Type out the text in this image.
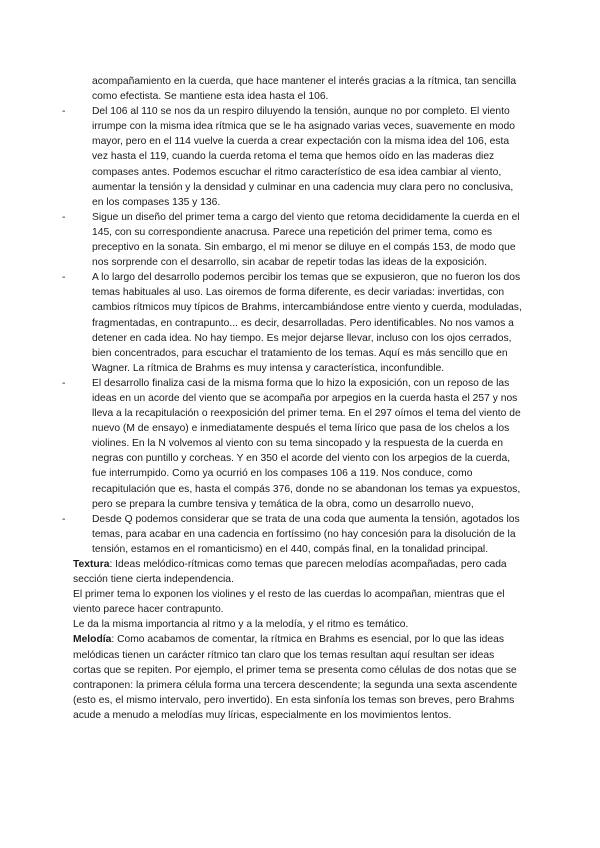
acompañamiento en la cuerda, que hace mantener el interés gracias a la rítmica, tan sencilla como efectista. Se mantiene esta idea hasta el 106.

-	Del 106 al 110 se nos da un respiro diluyendo la tensión, aunque no por completo. El viento irrumpe con la misma idea rítmica que se le ha asignado varias veces, suavemente en modo mayor, pero en el 114 vuelve la cuerda a crear expectación con la misma idea del 106, esta vez hasta el 119, cuando la cuerda retoma el tema que hemos oído en las maderas diez compases antes. Podemos escuchar el ritmo característico de esa idea cambiar al viento, aumentar la tensión y la densidad y culminar en una cadencia muy clara pero no conclusiva, en los compases 135 y 136.
-	Sigue un diseño del primer tema a cargo del viento que retoma decididamente la cuerda en el 145, con su correspondiente anacrusa. Parece una repetición del primer tema, como es preceptivo en la sonata. Sin embargo, el mi menor se diluye en el compás 153, de modo que nos sorprende con el desarrollo, sin acabar de repetir todas las ideas de la exposición.
-	A lo largo del desarrollo podemos percibir los temas que se expusieron, que no fueron los dos temas habituales al uso. Las oiremos de forma diferente, es decir variadas: invertidas, con cambios rítmicos muy típicos de Brahms, intercambiándose entre viento y cuerda, moduladas, fragmentadas, en contrapunto... es decir, desarrolladas. Pero identificables. No nos vamos a detener en cada idea. No hay tiempo. Es mejor dejarse llevar, incluso con los ojos cerrados, bien concentrados, para escuchar el tratamiento de los temas. Aquí es más sencillo que en Wagner. La rítmica de Brahms es muy intensa y característica, inconfundible.
-	El desarrollo finaliza casi de la misma forma que lo hizo la exposición, con un reposo de las ideas en un acorde del viento que se acompaña por arpegios en la cuerda hasta el 257 y nos lleva a la recapitulación o reexposición del primer tema. En el 297 oímos el tema del viento de nuevo (M de ensayo) e inmediatamente después el tema lírico que pasa de los chelos a los violines. En la N volvemos al viento con su tema sincopado y la respuesta de la cuerda en negras con puntillo y corcheas. Y en 350 el acorde del viento con los arpegios de la cuerda, fue interrumpido. Como ya ocurrió en los compases 106 a 119. Nos conduce, como recapitulación que es, hasta el compás 376, donde no se abandonan los temas ya expuestos, pero se prepara la cumbre tensiva y temática de la obra, como un desarrollo nuevo,
-	Desde Q podemos considerar que se trata de una coda que aumenta la tensión, agotados los temas, para acabar en una cadencia en fortíssimo (no hay concesión para la disolución de la tensión, estamos en el romanticismo) en el 440, compás final, en la tonalidad principal.

Textura: Ideas melódico-rítmicas como temas que parecen melodías acompañadas, pero cada sección tiene cierta independencia.

El primer tema lo exponen los violines y el resto de las cuerdas lo acompañan, mientras que el viento parece hacer contrapunto.

Le da la misma importancia al ritmo y a la melodía, y el ritmo es temático.

Melodía: Como acabamos de comentar, la rítmica en Brahms es esencial, por lo que las ideas melódicas tienen un carácter rítmico tan claro que los temas resultan aquí resultan ser ideas cortas que se repiten. Por ejemplo, el primer tema se presenta como células de dos notas que se contraponen: la primera célula forma una tercera descendente; la segunda una sexta ascendente (esto es, el mismo intervalo, pero invertido). En esta sinfonía los temas son breves, pero Brahms acude a menudo a melodías muy líricas, especialmente en los movimientos lentos.
